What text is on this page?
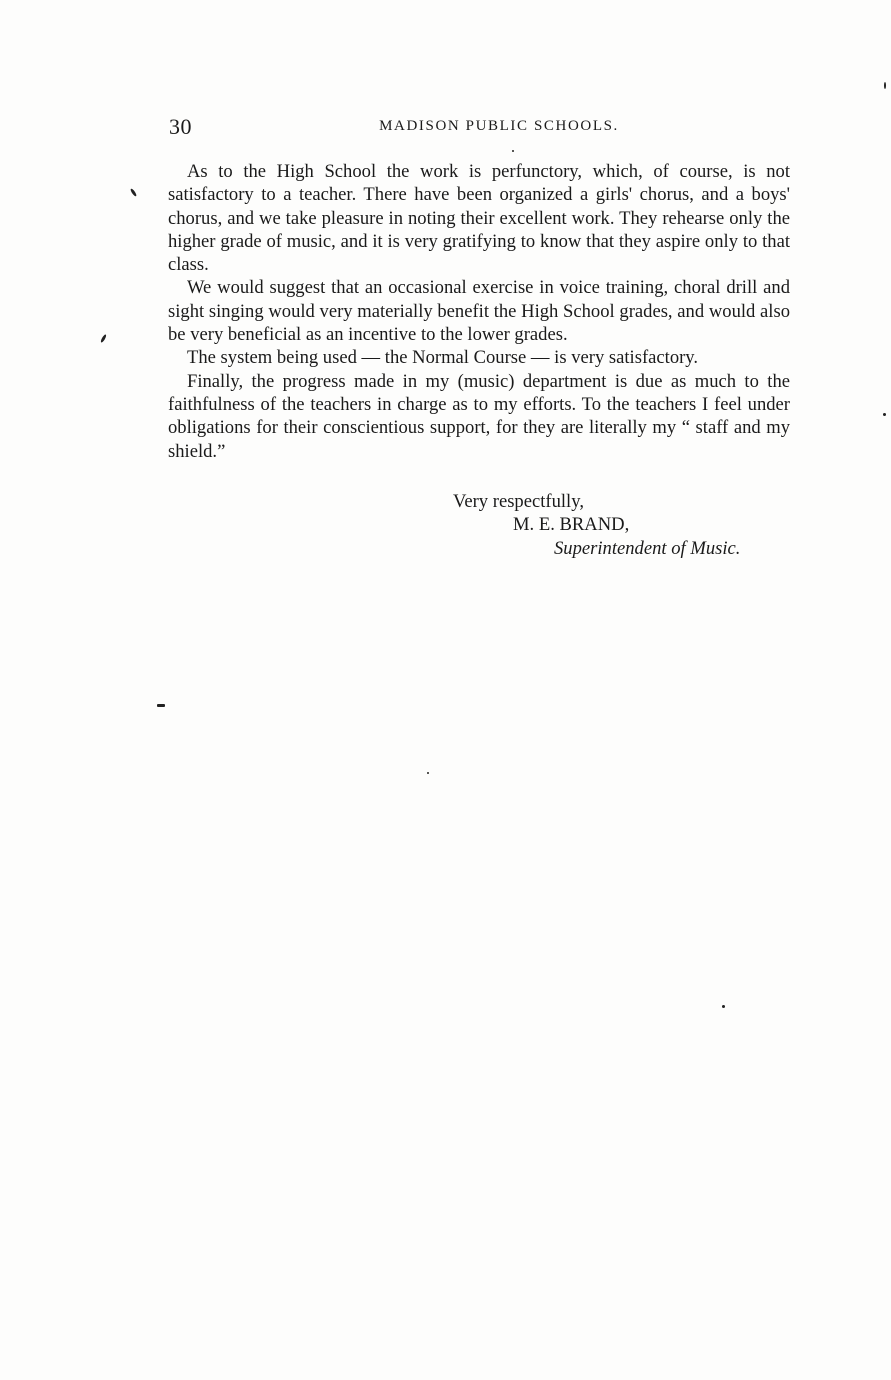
30	MADISON PUBLIC SCHOOLS.

As to the High School the work is perfunctory, which, of course, is not satisfactory to a teacher. There have been organized a girls' chorus, and a boys' chorus, and we take pleasure in noting their excellent work. They rehearse only the higher grade of music, and it is very gratifying to know that they aspire only to that class.

We would suggest that an occasional exercise in voice training, choral drill and sight singing would very materially benefit the High School grades, and would also be very beneficial as an incentive to the lower grades.

The system being used — the Normal Course — is very satisfactory.

Finally, the progress made in my (music) department is due as much to the faithfulness of the teachers in charge as to my efforts. To the teachers I feel under obligations for their conscientious support, for they are literally my “ staff and my shield.”

Very respectfully,
M. E. BRAND,
Superintendent of Music.
